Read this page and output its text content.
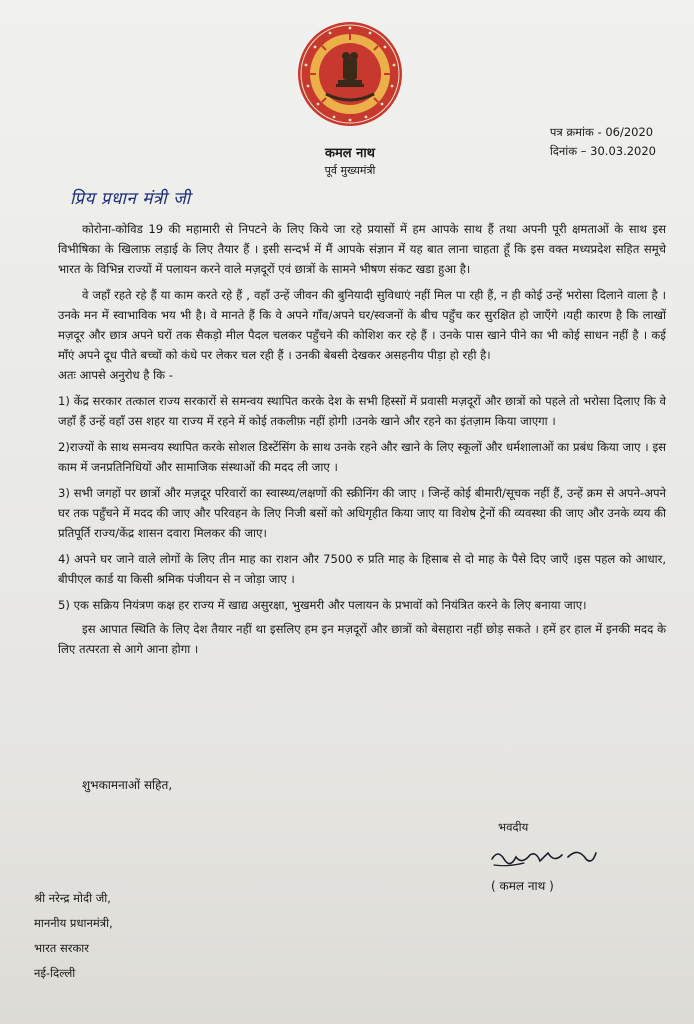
कमल नाथ
पूर्व मुख्यमंत्री
पत्र क्रमांक - 06/2020
दिनांक – 30.03.2020
प्रिय प्रधान मंत्री जी

कोरोना-कोविड 19 की महामारी से निपटने के लिए किये जा रहे प्रयासों में हम आपके साथ हैं तथा अपनी पूरी क्षमताओं के साथ इस विभीषिका के खिलाफ़ लड़ाई के लिए तैयार हैं । इसी सन्दर्भ में मैं आपके संज्ञान में यह बात लाना चाहता हूँ कि इस वक्त मध्यप्रदेश सहित समूचे भारत के विभिन्न राज्यों में पलायन करने वाले मज़दूरों एवं छात्रों के सामने भीषण संकट खडा हुआ है।

वे जहाँ रहते रहे हैं या काम करते रहे हैं , वहाँ उन्हें जीवन की बुनियादी सुविधाएं नहीं मिल पा रही हैं, न ही कोई उन्हें भरोसा दिलाने वाला है । उनके मन में स्वाभाविक भय भी है। वे मानते हैं कि वे अपने गाँव/अपने घर/स्वजनों के बीच पहुँच कर सुरक्षित हो जाएँगे ।यही कारण है कि लाखों मज़दूर और छात्र अपने घरों तक सैकड़ो मील पैदल चलकर पहुँचने की कोशिश कर रहे हैं । उनके पास खाने पीने का भी कोई साधन नहीं है । कई माँएं अपने दूध पीते बच्चों को कंधे पर लेकर चल रही हैं । उनकी बेबसी देखकर असहनीय पीड़ा हो रही है।

अतः आपसे अनुरोध है कि -

1) केंद्र सरकार तत्काल राज्य सरकारों से समन्वय स्थापित करके देश के सभी हिस्सों में प्रवासी मज़दूरों और छात्रों को पहले तो भरोसा दिलाए कि वे जहाँ हैं उन्हें वहाँ उस शहर या राज्य में रहने में कोई तकलीफ़ नहीं होगी ।उनके खाने और रहने का इंतज़ाम किया जाएगा ।

2)राज्यों के साथ समन्वय स्थापित करके सोशल डिस्टेंसिंग के साथ उनके रहने और खाने के लिए स्कूलों और धर्मशालाओं का प्रबंध किया जाए । इस काम में जनप्रतिनिधियों और सामाजिक संस्थाओं की मदद ली जाए ।

3) सभी जगहों पर छात्रों और मज़दूर परिवारों का स्वास्थ्य/लक्षणों की स्क्रीनिंग की जाए । जिन्हें कोई बीमारी/सूचक नहीं हैं, उन्हें क्रम से अपने-अपने घर तक पहुँचने में मदद की जाए और परिवहन के लिए निजी बसों को अधिगृहीत किया जाए या विशेष ट्रेनों की व्यवस्था की जाए और उनके व्यय की प्रतिपूर्ति राज्य/केंद्र शासन दवारा मिलकर की जाए।

4) अपने घर जाने वाले लोगों के लिए तीन माह का राशन और 7500 रु प्रति माह के हिसाब से दो माह के पैसे दिए जाएँ ।इस पहल को आधार, बीपीएल कार्ड या किसी श्रमिक पंजीयन से न जोड़ा जाए ।

5) एक सक्रिय नियंत्रण कक्ष हर राज्य में खाद्य असुरक्षा, भुखमरी और पलायन के प्रभावों को नियंत्रित करने के लिए बनाया जाए।

इस आपात स्थिति के लिए देश तैयार नहीं था इसलिए हम इन मज़दूरों और छात्रों को बेसहारा नहीं छोड़ सकते । हमें हर हाल में इनकी मदद के लिए तत्परता से आगे आना होगा ।

शुभकामनाओं सहित,
भवदीय
( कमल नाथ )
श्री नरेन्द्र मोदी जी,
माननीय प्रधानमंत्री,
भारत सरकार
नई-दिल्ली
